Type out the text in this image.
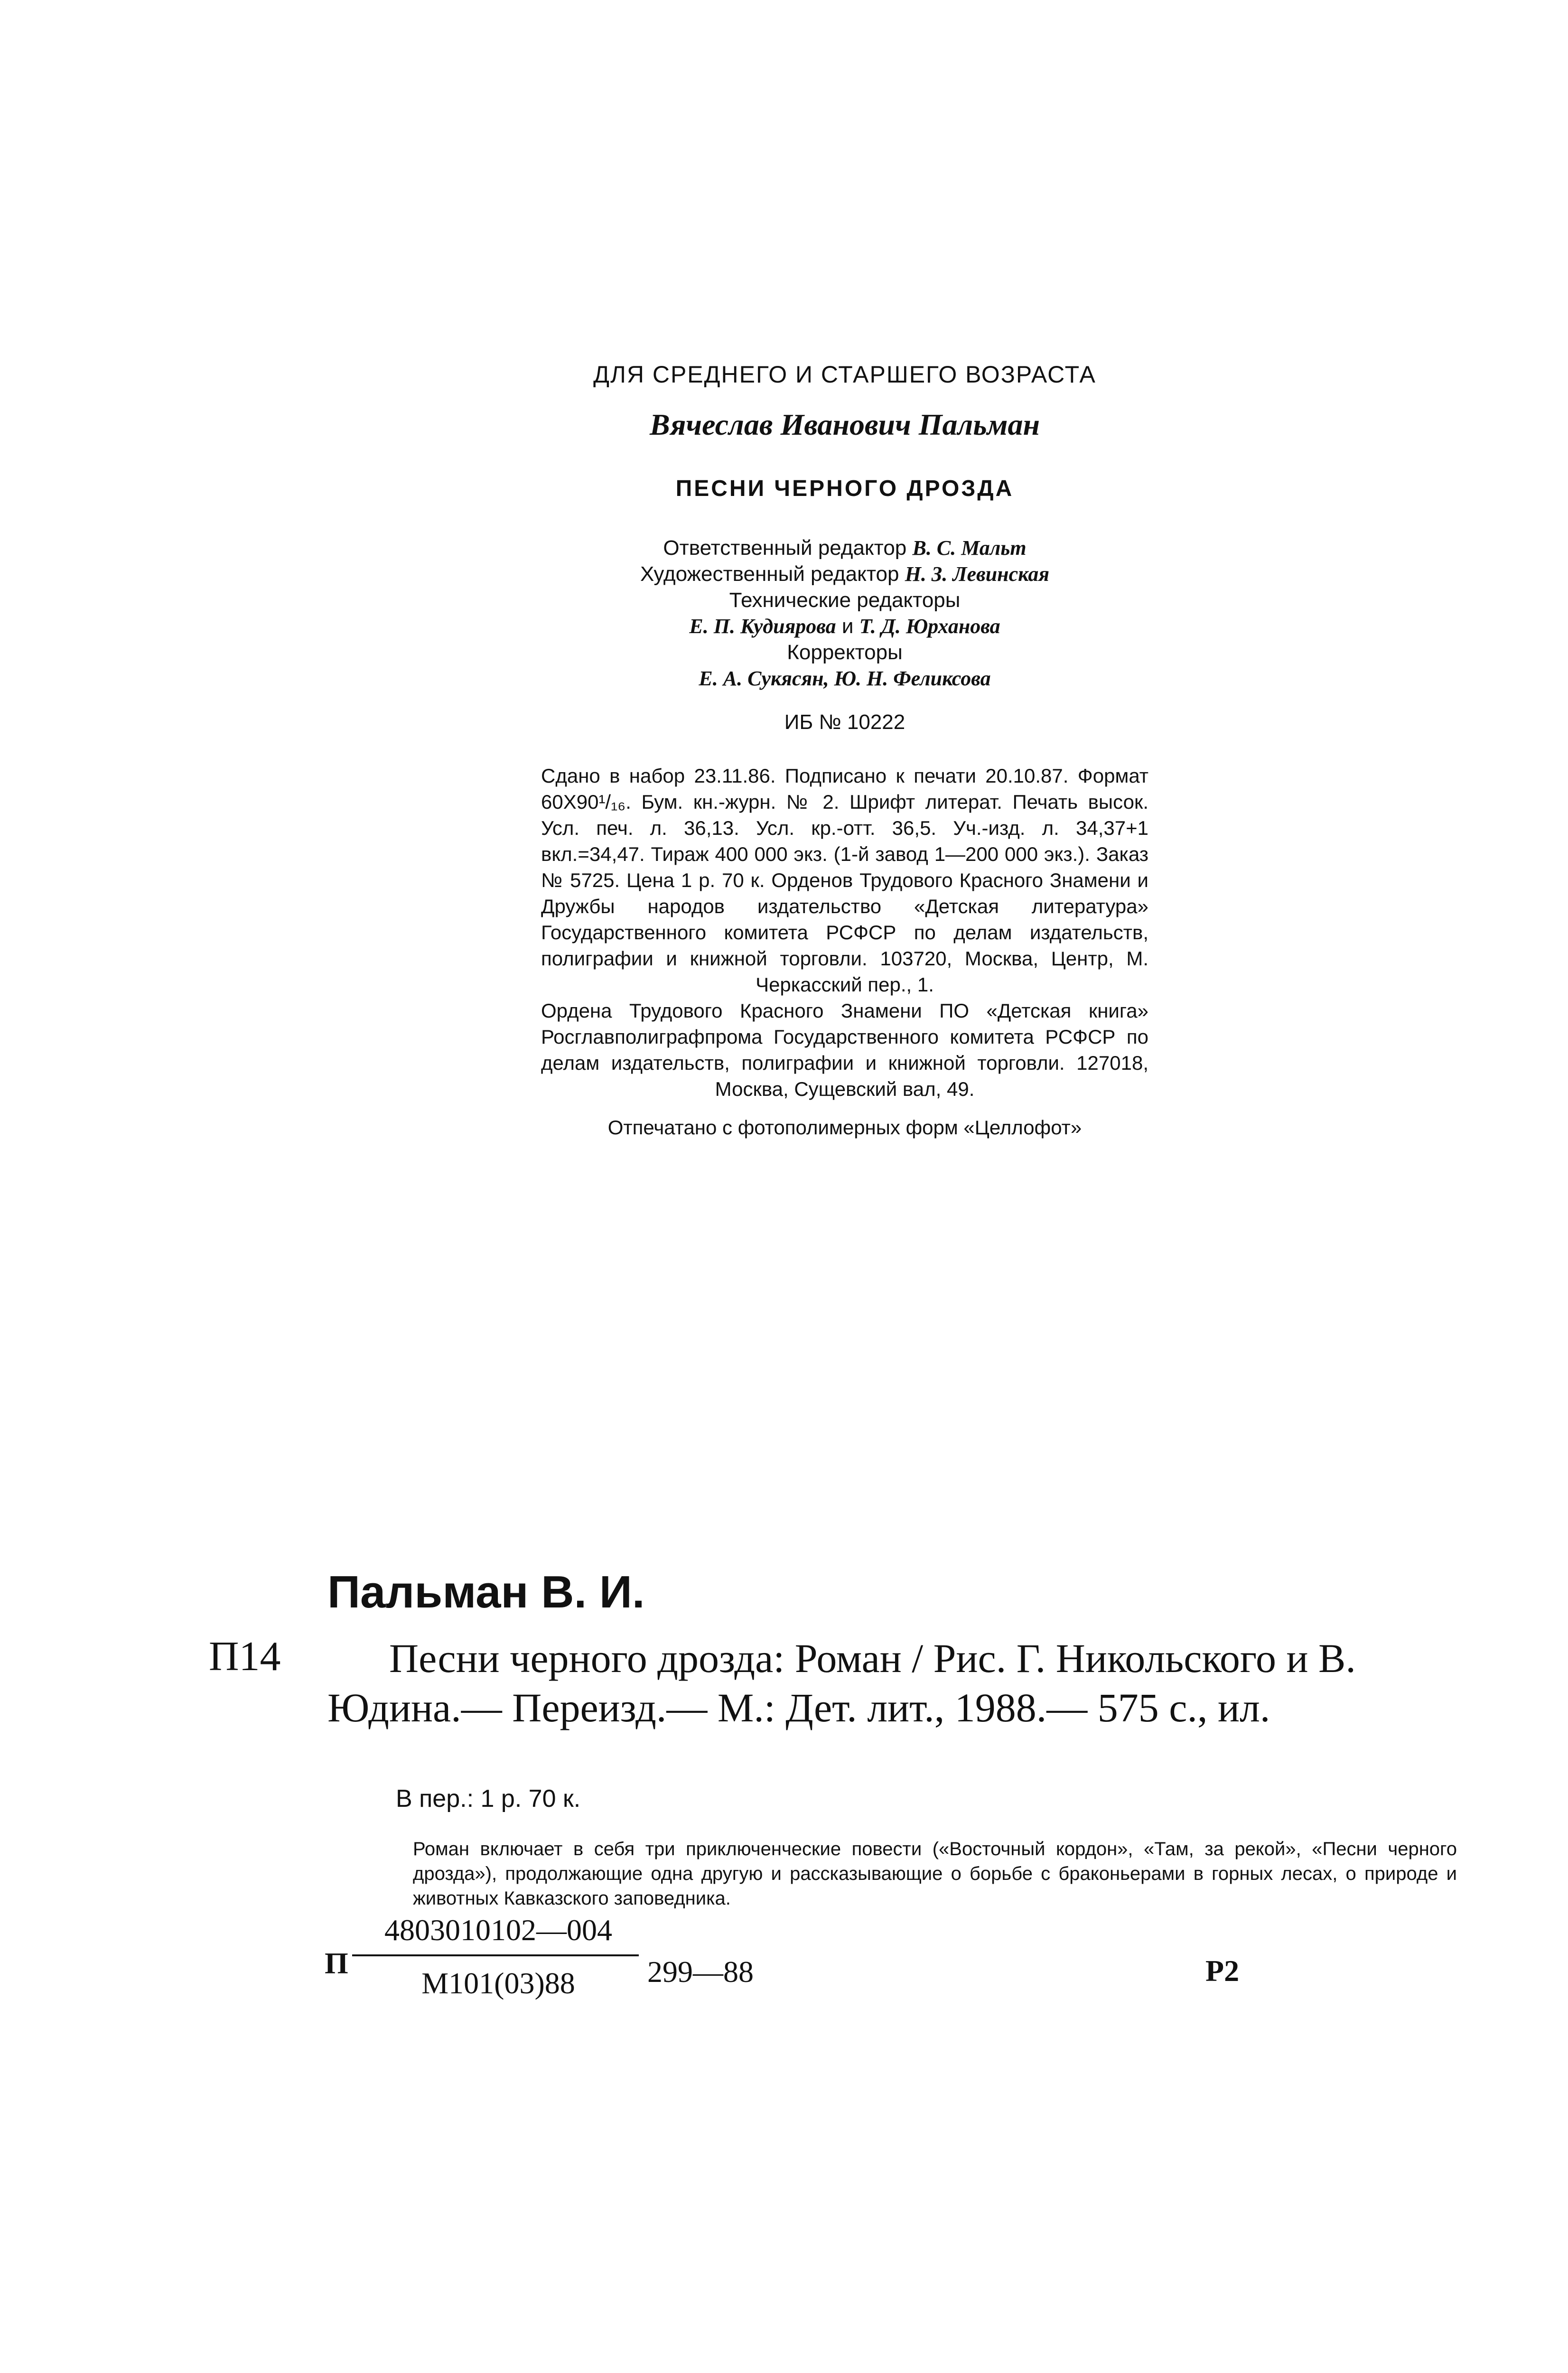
ДЛЯ СРЕДНЕГО И СТАРШЕГО ВОЗРАСТА
Вячеслав Иванович Пальман
ПЕСНИ ЧЕРНОГО ДРОЗДА
Ответственный редактор В. С. Мальт
Художественный редактор Н. З. Левинская
Технические редакторы
Е. П. Кудиярова и Т. Д. Юрханова
Корректоры
Е. А. Сукясян, Ю. Н. Феликсова
ИБ № 10222

Сдано в набор 23.11.86. Подписано к печати 20.10.87. Формат 60Х90¹/₁₆. Бум. кн.-журн. № 2. Шрифт литерат. Печать высок. Усл. печ. л. 36,13. Усл. кр.-отт. 36,5. Уч.-изд. л. 34,37+1 вкл.=34,47. Тираж 400 000 экз. (1-й завод 1—200 000 экз.). Заказ № 5725. Цена 1 р. 70 к. Орденов Трудового Красного Знамени и Дружбы народов издательство «Детская литература» Государственного комитета РСФСР по делам издательств, полиграфии и книжной торговли. 103720, Москва, Центр, М. Черкасский пер., 1.

Ордена Трудового Красного Знамени ПО «Детская книга» Росглавполиграфпрома Государственного комитета РСФСР по делам издательств, полиграфии и книжной торговли. 127018, Москва, Сущевский вал, 49.

Отпечатано с фотополимерных форм «Целлофот»
Пальман В. И.
П14	Песни черного дрозда: Роман / Рис. Г. Никольского и В. Юдина.— Переизд.— М.: Дет. лит., 1988.— 575 с., ил.
В пер.: 1 р. 70 к.
Роман включает в себя три приключенческие повести («Восточный кордон», «Там, за рекой», «Песни черного дрозда»), продолжающие одна другую и рассказывающие о борьбе с браконьерами в горных лесах, о природе и животных Кавказского заповедника.
П
4803010102—004
М101(03)88	299—88	Р2
